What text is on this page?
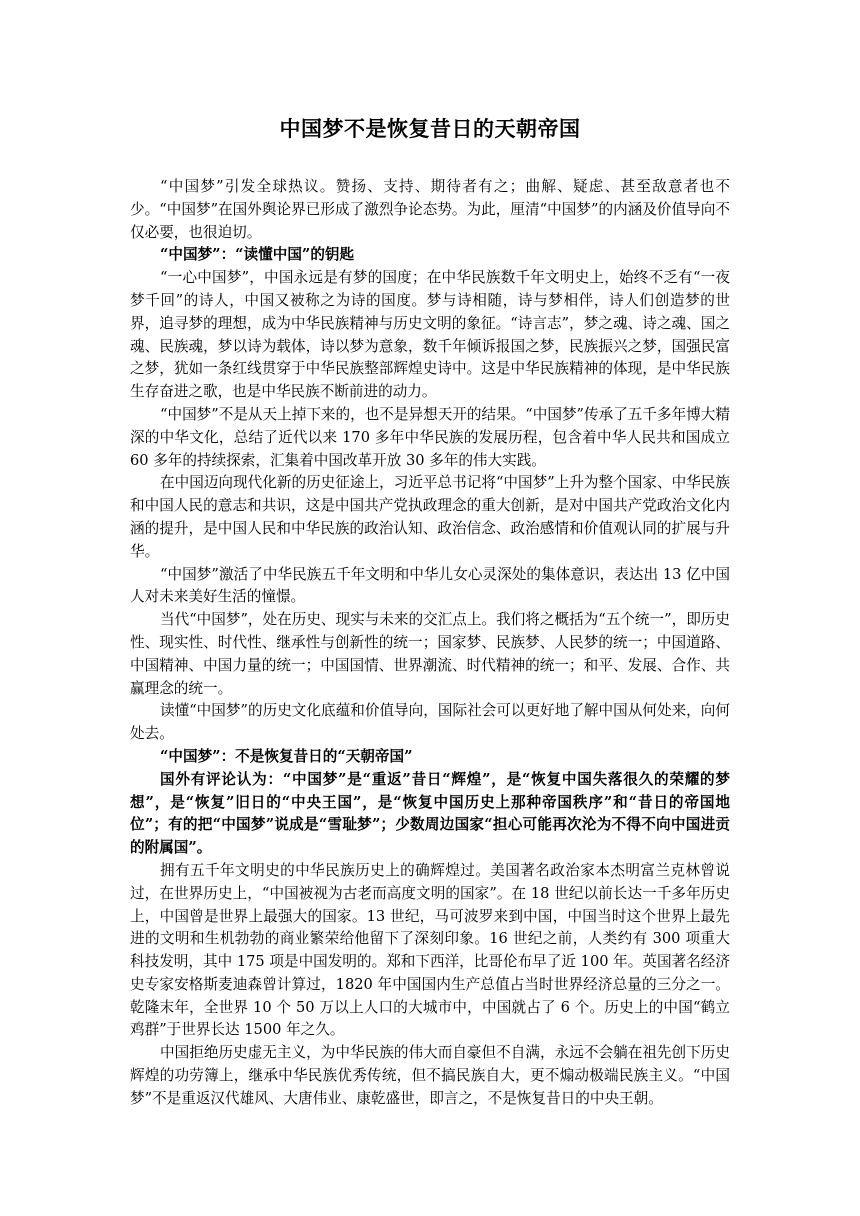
中国梦不是恢复昔日的天朝帝国

“中国梦”引发全球热议。赞扬、支持、期待者有之；曲解、疑虑、甚至敌意者也不少。“中国梦”在国外舆论界已形成了激烈争论态势。为此，厘清“中国梦”的内涵及价值导向不仅必要，也很迫切。

“中国梦”：“读懂中国”的钥匙

“一心中国梦”，中国永远是有梦的国度；在中华民族数千年文明史上，始终不乏有“一夜梦千回”的诗人，中国又被称之为诗的国度。梦与诗相随，诗与梦相伴，诗人们创造梦的世界，追寻梦的理想，成为中华民族精神与历史文明的象征。“诗言志”，梦之魂、诗之魂、国之魂、民族魂，梦以诗为载体，诗以梦为意象，数千年倾诉报国之梦，民族振兴之梦，国强民富之梦，犹如一条红线贯穿于中华民族整部辉煌史诗中。这是中华民族精神的体现，是中华民族生存奋进之歌，也是中华民族不断前进的动力。

“中国梦”不是从天上掉下来的，也不是异想天开的结果。“中国梦”传承了五千多年博大精深的中华文化，总结了近代以来 170 多年中华民族的发展历程，包含着中华人民共和国成立 60 多年的持续探索，汇集着中国改革开放 30 多年的伟大实践。

在中国迈向现代化新的历史征途上，习近平总书记将“中国梦”上升为整个国家、中华民族和中国人民的意志和共识，这是中国共产党执政理念的重大创新，是对中国共产党政治文化内涵的提升，是中国人民和中华民族的政治认知、政治信念、政治感情和价值观认同的扩展与升华。

“中国梦”激活了中华民族五千年文明和中华儿女心灵深处的集体意识，表达出 13 亿中国人对未来美好生活的憧憬。

当代“中国梦”，处在历史、现实与未来的交汇点上。我们将之概括为“五个统一”，即历史性、现实性、时代性、继承性与创新性的统一；国家梦、民族梦、人民梦的统一；中国道路、中国精神、中国力量的统一；中国国情、世界潮流、时代精神的统一；和平、发展、合作、共赢理念的统一。

读懂“中国梦”的历史文化底蕴和价值导向，国际社会可以更好地了解中国从何处来，向何处去。

“中国梦”：不是恢复昔日的“天朝帝国”

国外有评论认为：“中国梦”是“重返”昔日“辉煌”，是“恢复中国失落很久的荣耀的梦想”，是“恢复”旧日的“中央王国”，是“恢复中国历史上那种帝国秩序”和“昔日的帝国地位”；有的把“中国梦”说成是“雪耻梦”；少数周边国家“担心可能再次沦为不得不向中国进贡的附属国”。

拥有五千年文明史的中华民族历史上的确辉煌过。美国著名政治家本杰明富兰克林曾说过，在世界历史上，“中国被视为古老而高度文明的国家”。在 18 世纪以前长达一千多年历史上，中国曾是世界上最强大的国家。13 世纪，马可波罗来到中国，中国当时这个世界上最先进的文明和生机勃勃的商业繁荣给他留下了深刻印象。16 世纪之前，人类约有 300 项重大科技发明，其中 175 项是中国发明的。郑和下西洋，比哥伦布早了近 100 年。英国著名经济史专家安格斯麦迪森曾计算过，1820 年中国国内生产总值占当时世界经济总量的三分之一。乾隆末年，全世界 10 个 50 万以上人口的大城市中，中国就占了 6 个。历史上的中国“鹤立鸡群”于世界长达 1500 年之久。

中国拒绝历史虚无主义，为中华民族的伟大而自豪但不自满，永远不会躺在祖先创下历史辉煌的功劳簿上，继承中华民族优秀传统，但不搞民族自大，更不煽动极端民族主义。“中国梦”不是重返汉代雄风、大唐伟业、康乾盛世，即言之，不是恢复昔日的中央王朝。
